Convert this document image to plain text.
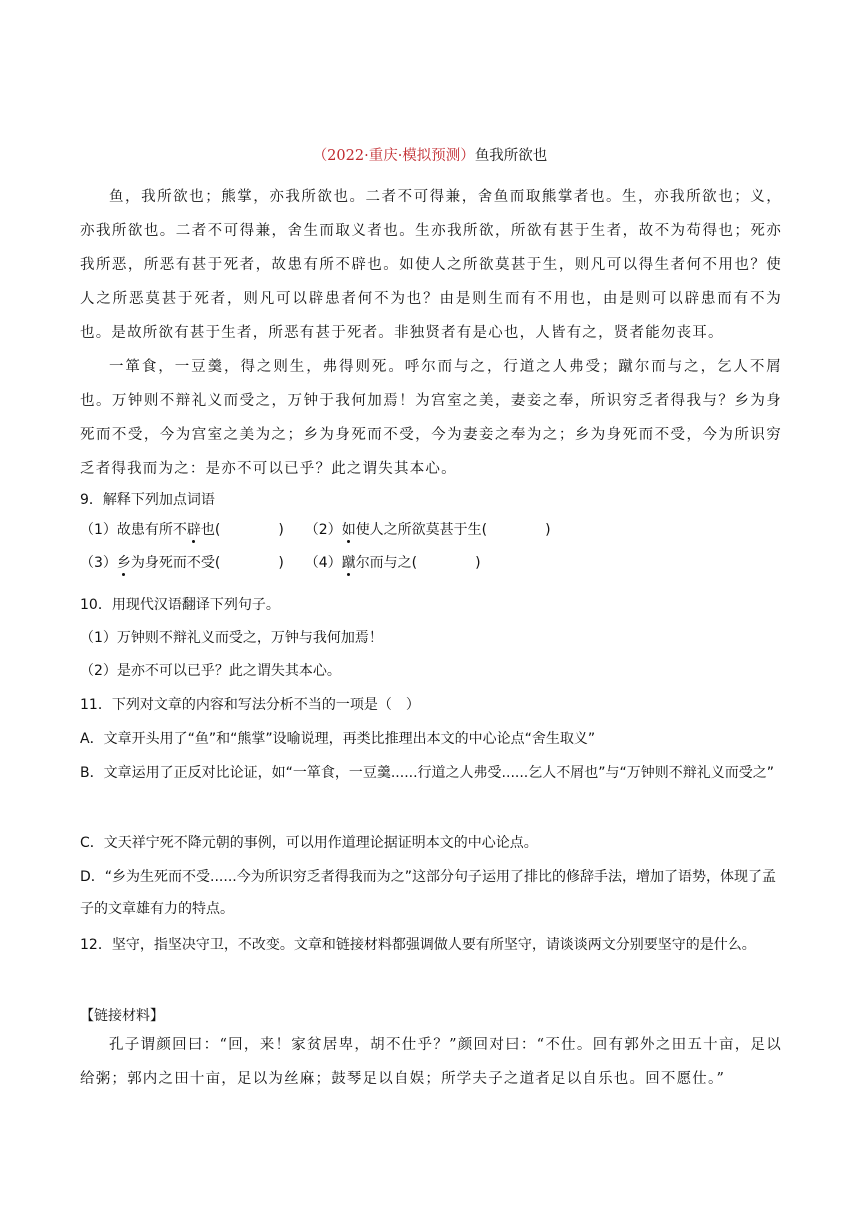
（2022·重庆·模拟预测）鱼我所欲也

鱼，我所欲也；熊掌，亦我所欲也。二者不可得兼，舍鱼而取熊掌者也。生，亦我所欲也；义，亦我所欲也。二者不可得兼，舍生而取义者也。生亦我所欲，所欲有甚于生者，故不为苟得也；死亦我所恶，所恶有甚于死者，故患有所不辟也。如使人之所欲莫甚于生，则凡可以得生者何不用也？使人之所恶莫甚于死者，则凡可以辟患者何不为也？由是则生而有不用也，由是则可以辟患而有不为也。是故所欲有甚于生者，所恶有甚于死者。非独贤者有是心也，人皆有之，贤者能勿丧耳。

一箪食，一豆羹，得之则生，弗得则死。呼尔而与之，行道之人弗受；蹴尔而与之，乞人不屑也。万钟则不辩礼义而受之，万钟于我何加焉！为宫室之美，妻妾之奉，所识穷乏者得我与？乡为身死而不受，今为宫室之美为之；乡为身死而不受，今为妻妾之奉为之；乡为身死而不受，今为所识穷乏者得我而为之：是亦不可以已乎？此之谓失其本心。

9．解释下列加点词语
（1）故患有所不辟也(	) （2）如使人之所欲莫甚于生(	)
（3）乡为身死而不受(	) （4）蹴尔而与之(	)
10．用现代汉语翻译下列句子。
（1）万钟则不辩礼义而受之，万钟与我何加焉！
（2）是亦不可以已乎？此之谓失其本心。
11．下列对文章的内容和写法分析不当的一项是（　）
A．文章开头用了“鱼”和“熊掌”设喻说理，再类比推理出本文的中心论点“舍生取义”
B．文章运用了正反对比论证，如“一箪食，一豆羹......行道之人弗受......乞人不屑也”与“万钟则不辩礼义而受之”
C．文天祥宁死不降元朝的事例，可以用作道理论据证明本文的中心论点。
D．“乡为生死而不受......今为所识穷乏者得我而为之”这部分句子运用了排比的修辞手法，增加了语势，体现了孟子的文章雄有力的特点。
12．坚守，指坚决守卫，不改变。文章和链接材料都强调做人要有所坚守，请谈谈两文分别要坚守的是什么。
【链接材料】

孔子谓颜回曰：“回，来！家贫居卑，胡不仕乎？”颜回对曰：“不仕。回有郭外之田五十亩，足以给粥；郭内之田十亩，足以为丝麻；鼓琴足以自娱；所学夫子之道者足以自乐也。回不愿仕。”
